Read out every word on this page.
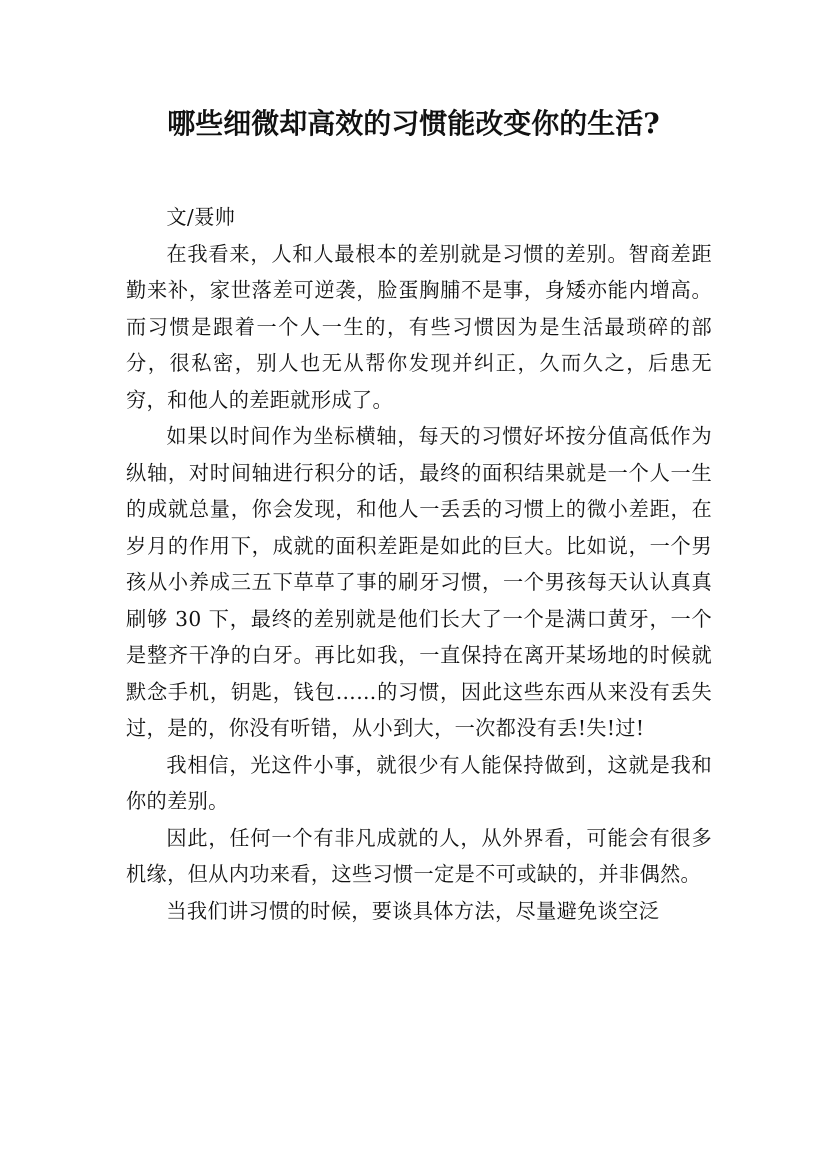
哪些细微却高效的习惯能改变你的生活?

文/聂帅

在我看来，人和人最根本的差别就是习惯的差别。智商差距勤来补，家世落差可逆袭，脸蛋胸脯不是事，身矮亦能内增高。而习惯是跟着一个人一生的，有些习惯因为是生活最琐碎的部分，很私密，别人也无从帮你发现并纠正，久而久之，后患无穷，和他人的差距就形成了。

如果以时间作为坐标横轴，每天的习惯好坏按分值高低作为纵轴，对时间轴进行积分的话，最终的面积结果就是一个人一生的成就总量，你会发现，和他人一丢丢的习惯上的微小差距，在岁月的作用下，成就的面积差距是如此的巨大。比如说，一个男孩从小养成三五下草草了事的刷牙习惯，一个男孩每天认认真真刷够 30 下，最终的差别就是他们长大了一个是满口黄牙，一个是整齐干净的白牙。再比如我，一直保持在离开某场地的时候就默念手机，钥匙，钱包……的习惯，因此这些东西从来没有丢失过，是的，你没有听错，从小到大，一次都没有丢!失!过!

我相信，光这件小事，就很少有人能保持做到，这就是我和你的差别。

因此，任何一个有非凡成就的人，从外界看，可能会有很多机缘，但从内功来看，这些习惯一定是不可或缺的，并非偶然。

当我们讲习惯的时候，要谈具体方法，尽量避免谈空泛
